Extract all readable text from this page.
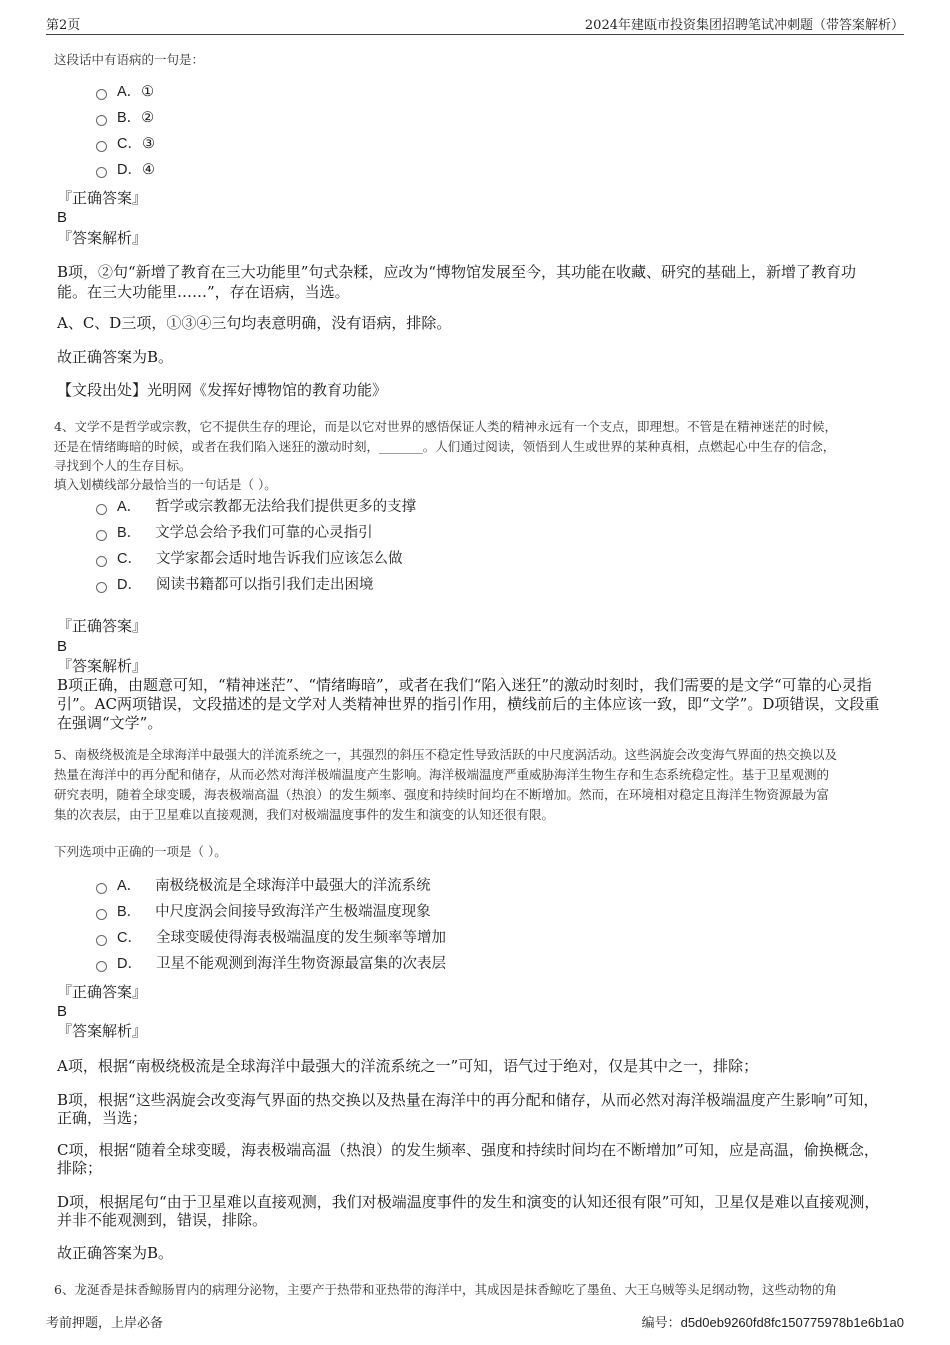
第2页	2024年建瓯市投资集团招聘笔试冲刺题（带答案解析）

这段话中有语病的一句是：

A．①
B．②
C．③
D．④

『正确答案』

B

『答案解析』

B项，②句“新增了教育在三大功能里”句式杂糅，应改为“博物馆发展至今，其功能在收藏、研究的基础上，新增了教育功

能。在三大功能里……”，存在语病，当选。

A、C、D三项，①③④三句均表意明确，没有语病，排除。

故正确答案为B。

【文段出处】光明网《发挥好博物馆的教育功能》

4、文学不是哲学或宗教，它不提供生存的理论，而是以它对世界的感悟保证人类的精神永远有一个支点，即理想。不管是在精神迷茫的时候，

还是在情绪晦暗的时候，或者在我们陷入迷狂的激动时刻，_______。人们通过阅读，领悟到人生或世界的某种真相，点燃起心中生存的信念，

寻找到个人的生存目标。

填入划横线部分最恰当的一句话是（ ）。

A． 哲学或宗教都无法给我们提供更多的支撑
B． 文学总会给予我们可靠的心灵指引
C． 文学家都会适时地告诉我们应该怎么做
D． 阅读书籍都可以指引我们走出困境

『正确答案』

B

『答案解析』

B项正确，由题意可知，“精神迷茫”、“情绪晦暗”，或者在我们“陷入迷狂”的激动时刻时，我们需要的是文学“可靠的心灵指

引”。AC两项错误，文段描述的是文学对人类精神世界的指引作用，横线前后的主体应该一致，即“文学”。D项错误，文段重

在强调“文学”。

5、南极绕极流是全球海洋中最强大的洋流系统之一，其强烈的斜压不稳定性导致活跃的中尺度涡活动。这些涡旋会改变海气界面的热交换以及

热量在海洋中的再分配和储存，从而必然对海洋极端温度产生影响。海洋极端温度严重威胁海洋生物生存和生态系统稳定性。基于卫星观测的

研究表明，随着全球变暖，海表极端高温（热浪）的发生频率、强度和持续时间均在不断增加。然而，在环境相对稳定且海洋生物资源最为富

集的次表层，由于卫星难以直接观测，我们对极端温度事件的发生和演变的认知还很有限。

下列选项中正确的一项是（ ）。

A． 南极绕极流是全球海洋中最强大的洋流系统
B． 中尺度涡会间接导致海洋产生极端温度现象
C． 全球变暖使得海表极端温度的发生频率等增加
D． 卫星不能观测到海洋生物资源最富集的次表层

『正确答案』

B

『答案解析』

A项，根据“南极绕极流是全球海洋中最强大的洋流系统之一”可知，语气过于绝对，仅是其中之一，排除；

B项，根据“这些涡旋会改变海气界面的热交换以及热量在海洋中的再分配和储存，从而必然对海洋极端温度产生影响”可知，

正确，当选；

C项，根据“随着全球变暖，海表极端高温（热浪）的发生频率、强度和持续时间均在不断增加”可知，应是高温，偷换概念，

排除；

D项，根据尾句“由于卫星难以直接观测，我们对极端温度事件的发生和演变的认知还很有限”可知，卫星仅是难以直接观测，

并非不能观测到，错误，排除。

故正确答案为B。

6、龙涎香是抹香鲸肠胃内的病理分泌物，主要产于热带和亚热带的海洋中，其成因是抹香鲸吃了墨鱼、大王乌贼等头足纲动物，这些动物的角

考前押题，上岸必备	编号：d5d0eb9260fd8fc150775978b1e6b1a0
